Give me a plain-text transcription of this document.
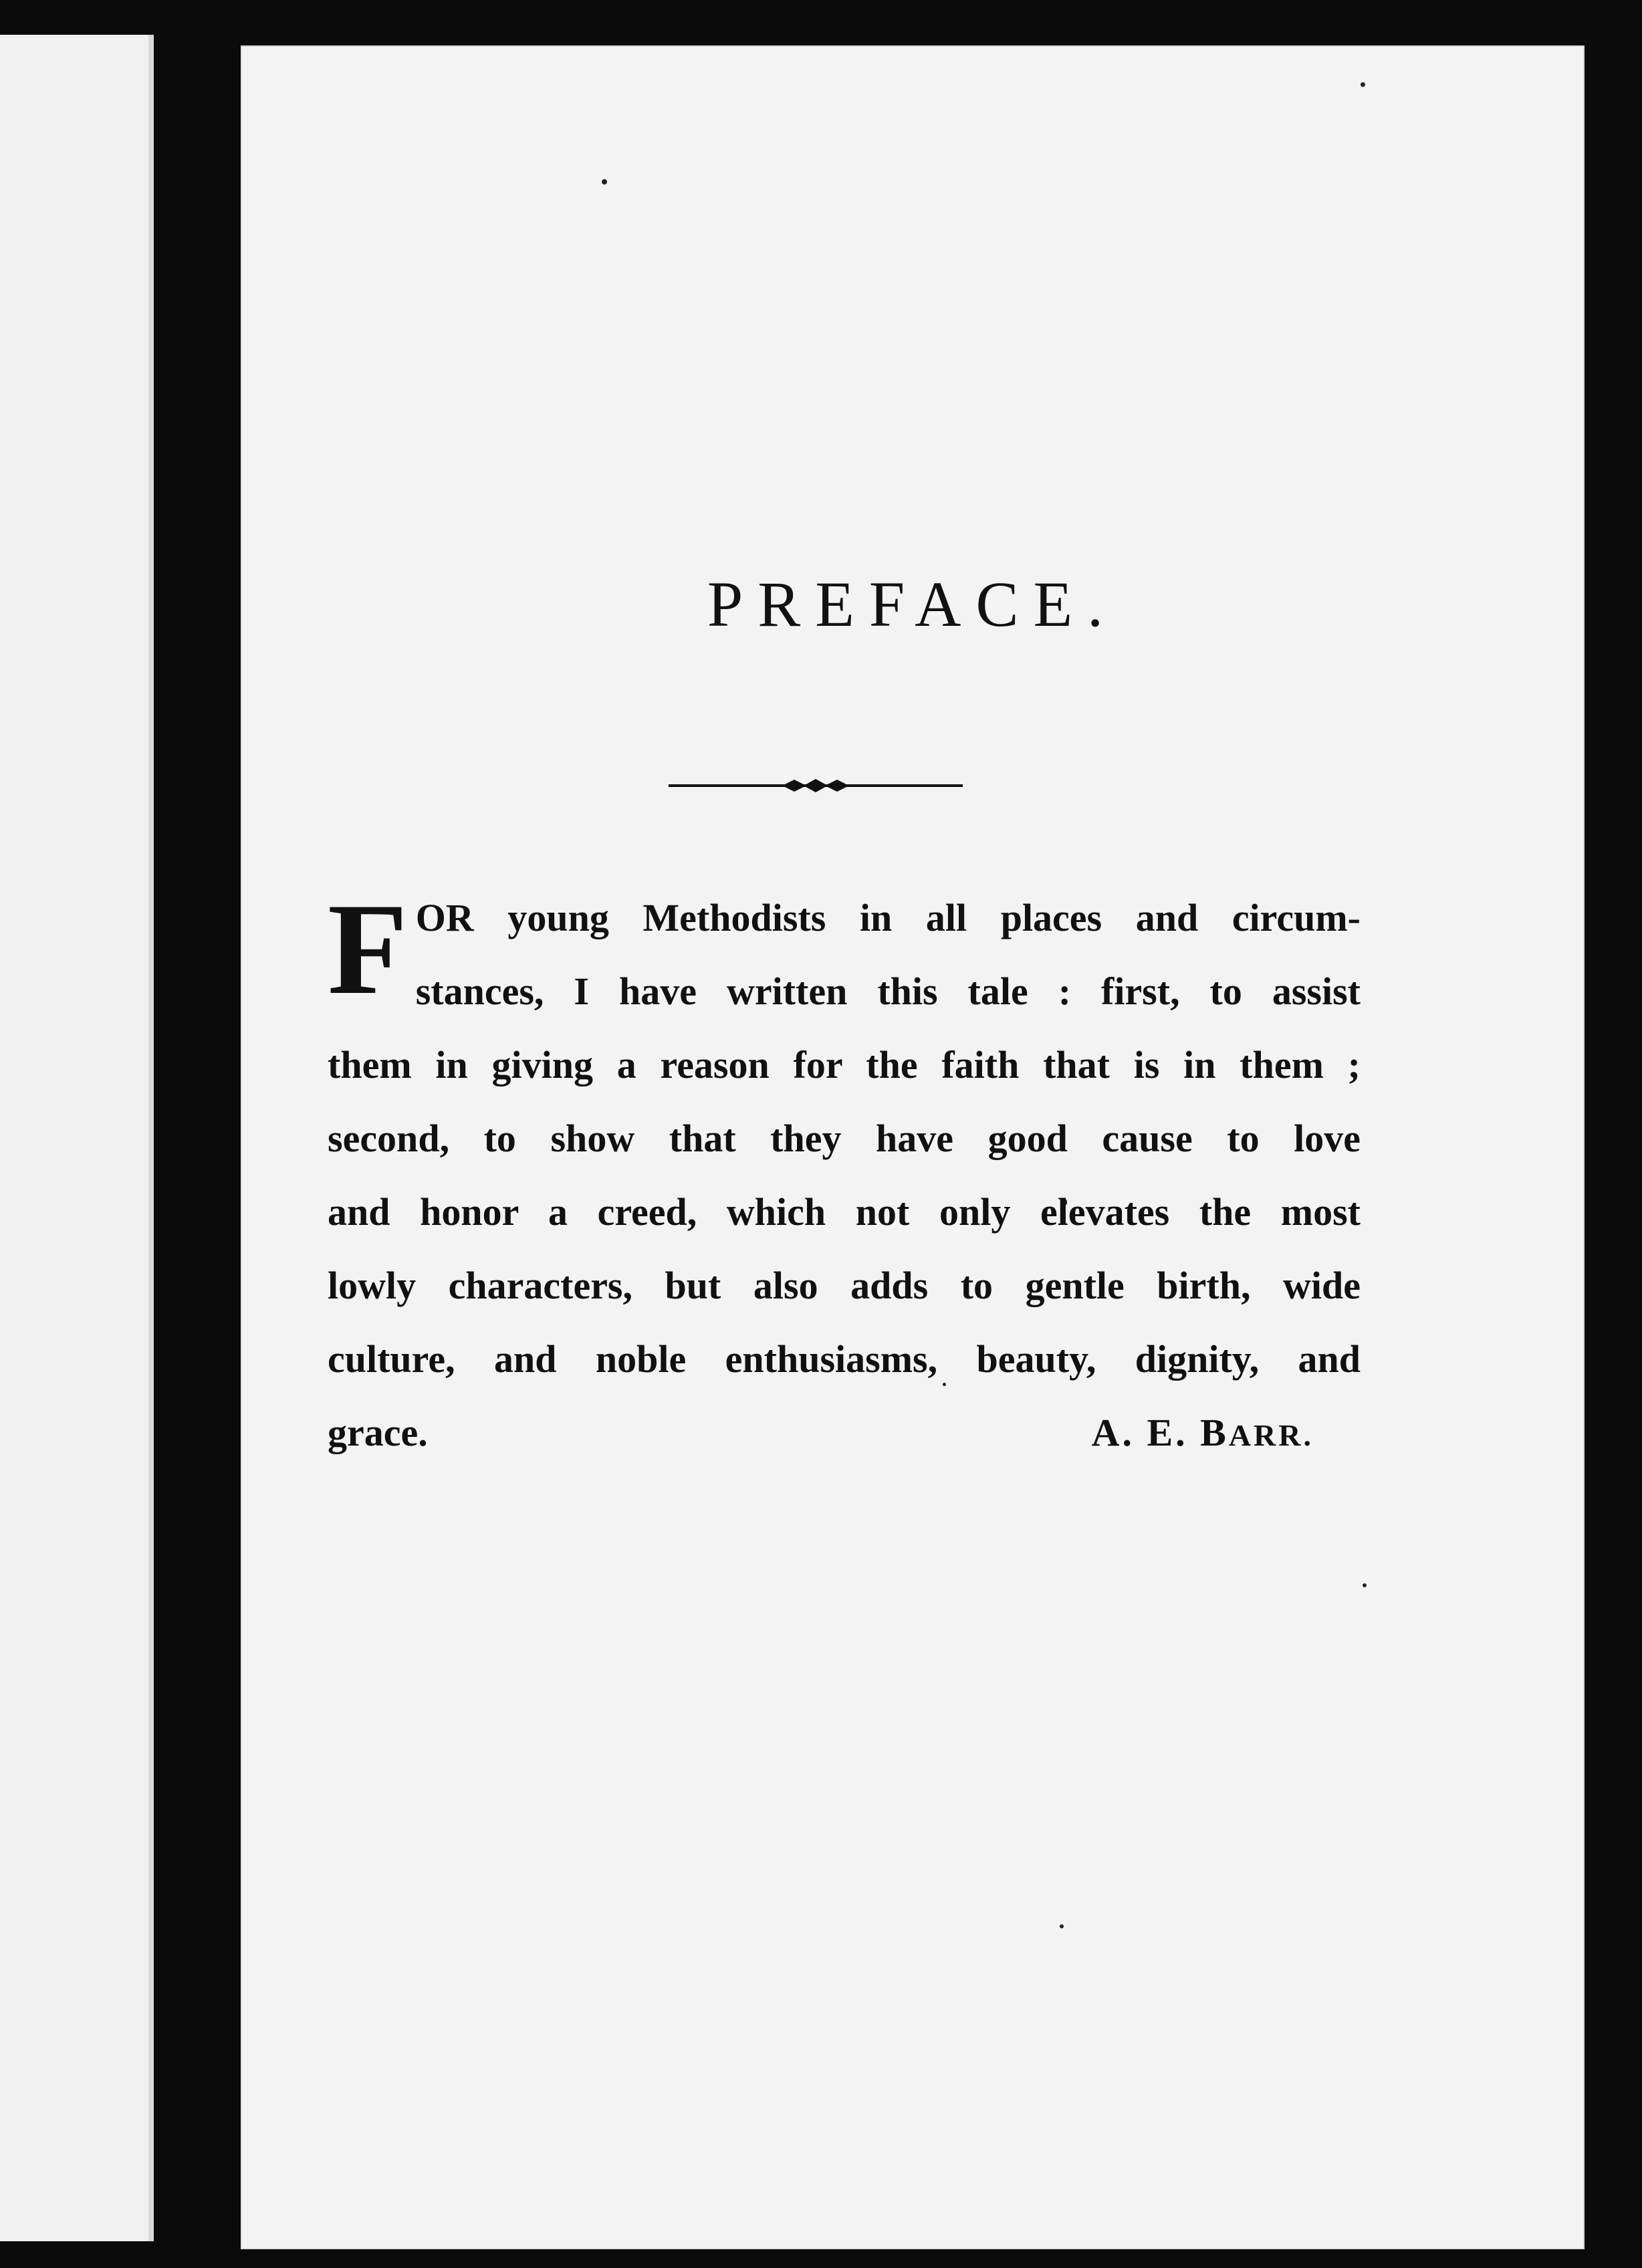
PREFACE.
F OR young Methodists in all places and circum-
stances, I have written this tale : first, to assist
them in giving a reason for the faith that is in them ;
second, to show that they have good cause to love
and honor a creed, which not only elevates the most
lowly characters, but also adds to gentle birth, wide
culture, and noble enthusiasms, beauty, dignity, and
grace.	A. E. BARR.
